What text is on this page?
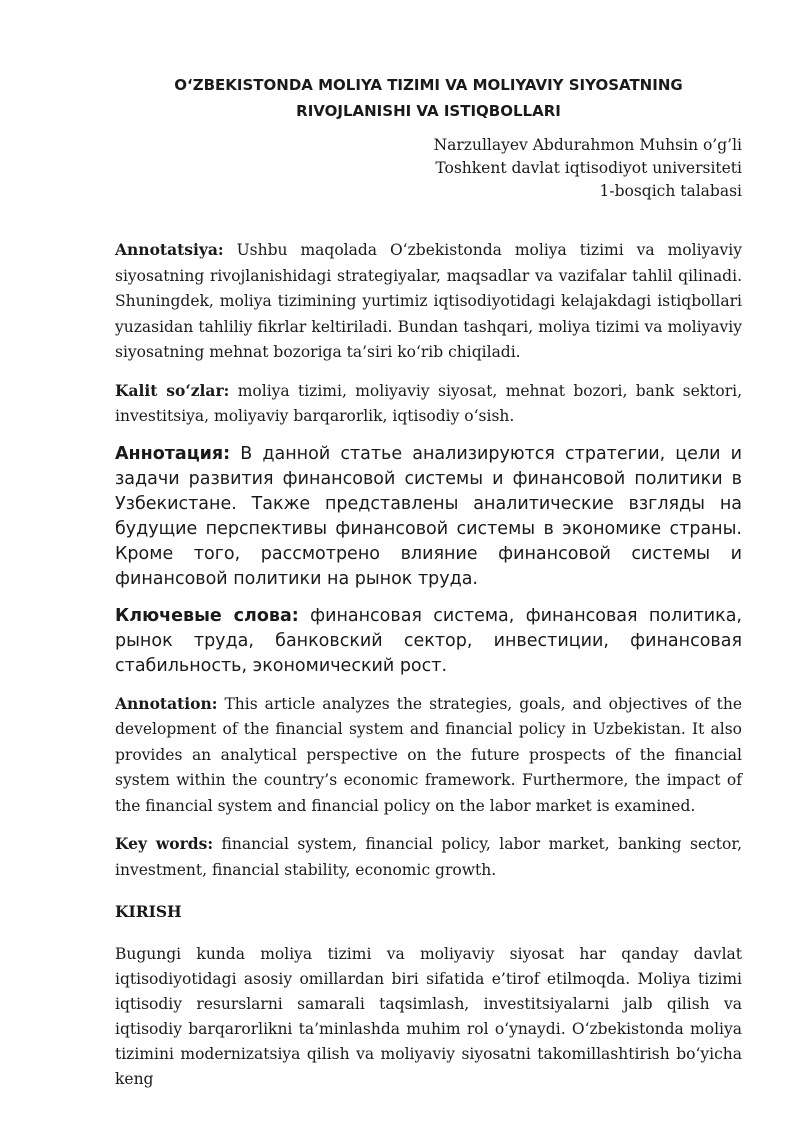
O‘ZBEKISTONDA MOLIYA TIZIMI VA MOLIYAVIY SIYOSATNING
RIVOJLANISHI VA ISTIQBOLLARI
Narzullayev Abdurahmon Muhsin o’g’li
Toshkent davlat iqtisodiyot universiteti
1-bosqich talabasi

Annotatsiya: Ushbu maqolada O‘zbekistonda moliya tizimi va moliyaviy siyosatning rivojlanishidagi strategiyalar, maqsadlar va vazifalar tahlil qilinadi. Shuningdek, moliya tizimining yurtimiz iqtisodiyotidagi kelajakdagi istiqbollari yuzasidan tahliliy fikrlar keltiriladi. Bundan tashqari, moliya tizimi va moliyaviy siyosatning mehnat bozoriga ta’siri ko‘rib chiqiladi.

Kalit so‘zlar: moliya tizimi, moliyaviy siyosat, mehnat bozori, bank sektori, investitsiya, moliyaviy barqarorlik, iqtisodiy o‘sish.

Аннотация: В данной статье анализируются стратегии, цели и задачи развития финансовой системы и финансовой политики в Узбекистане. Также представлены аналитические взгляды на будущие перспективы финансовой системы в экономике страны. Кроме того, рассмотрено влияние финансовой системы и финансовой политики на рынок труда.

Ключевые слова: финансовая система, финансовая политика, рынок труда, банковский сектор, инвестиции, финансовая стабильность, экономический рост.

Annotation: This article analyzes the strategies, goals, and objectives of the development of the financial system and financial policy in Uzbekistan. It also provides an analytical perspective on the future prospects of the financial system within the country’s economic framework. Furthermore, the impact of the financial system and financial policy on the labor market is examined.

Key words: financial system, financial policy, labor market, banking sector, investment, financial stability, economic growth.

KIRISH

Bugungi kunda moliya tizimi va moliyaviy siyosat har qanday davlat iqtisodiyotidagi asosiy omillardan biri sifatida e’tirof etilmoqda. Moliya tizimi iqtisodiy resurslarni samarali taqsimlash, investitsiyalarni jalb qilish va iqtisodiy barqarorlikni ta’minlashda muhim rol o‘ynaydi. O‘zbekistonda moliya tizimini modernizatsiya qilish va moliyaviy siyosatni takomillashtirish bo‘yicha keng
